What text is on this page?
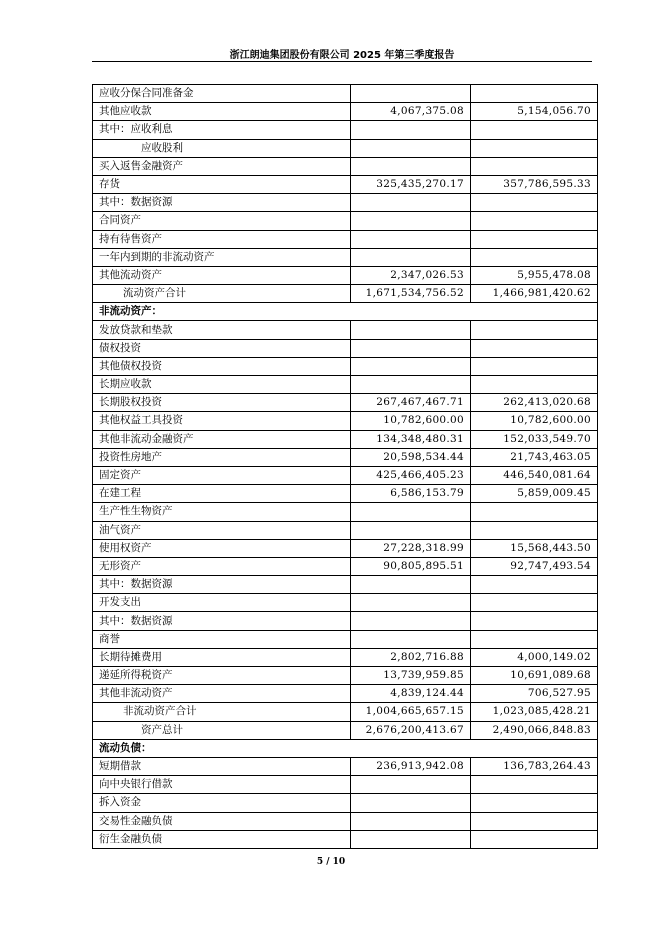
浙江朗迪集团股份有限公司 2025 年第三季度报告
应收分保合同准备金		
其他应收款	4,067,375.08	5,154,056.70
其中：应收利息		
应收股利		
买入返售金融资产		
存货	325,435,270.17	357,786,595.33
其中：数据资源		
合同资产		
持有待售资产		
一年内到期的非流动资产		
其他流动资产	2,347,026.53	5,955,478.08
流动资产合计	1,671,534,756.52	1,466,981,420.62
非流动资产：		
发放贷款和垫款		
债权投资		
其他债权投资		
长期应收款		
长期股权投资	267,467,467.71	262,413,020.68
其他权益工具投资	10,782,600.00	10,782,600.00
其他非流动金融资产	134,348,480.31	152,033,549.70
投资性房地产	20,598,534.44	21,743,463.05
固定资产	425,466,405.23	446,540,081.64
在建工程	6,586,153.79	5,859,009.45
生产性生物资产		
油气资产		
使用权资产	27,228,318.99	15,568,443.50
无形资产	90,805,895.51	92,747,493.54
其中：数据资源		
开发支出		
其中：数据资源		
商誉		
长期待摊费用	2,802,716.88	4,000,149.02
递延所得税资产	13,739,959.85	10,691,089.68
其他非流动资产	4,839,124.44	706,527.95
非流动资产合计	1,004,665,657.15	1,023,085,428.21
资产总计	2,676,200,413.67	2,490,066,848.83
流动负债：		
短期借款	236,913,942.08	136,783,264.43
向中央银行借款		
拆入资金		
交易性金融负债		
衍生金融负债		
5 / 10
